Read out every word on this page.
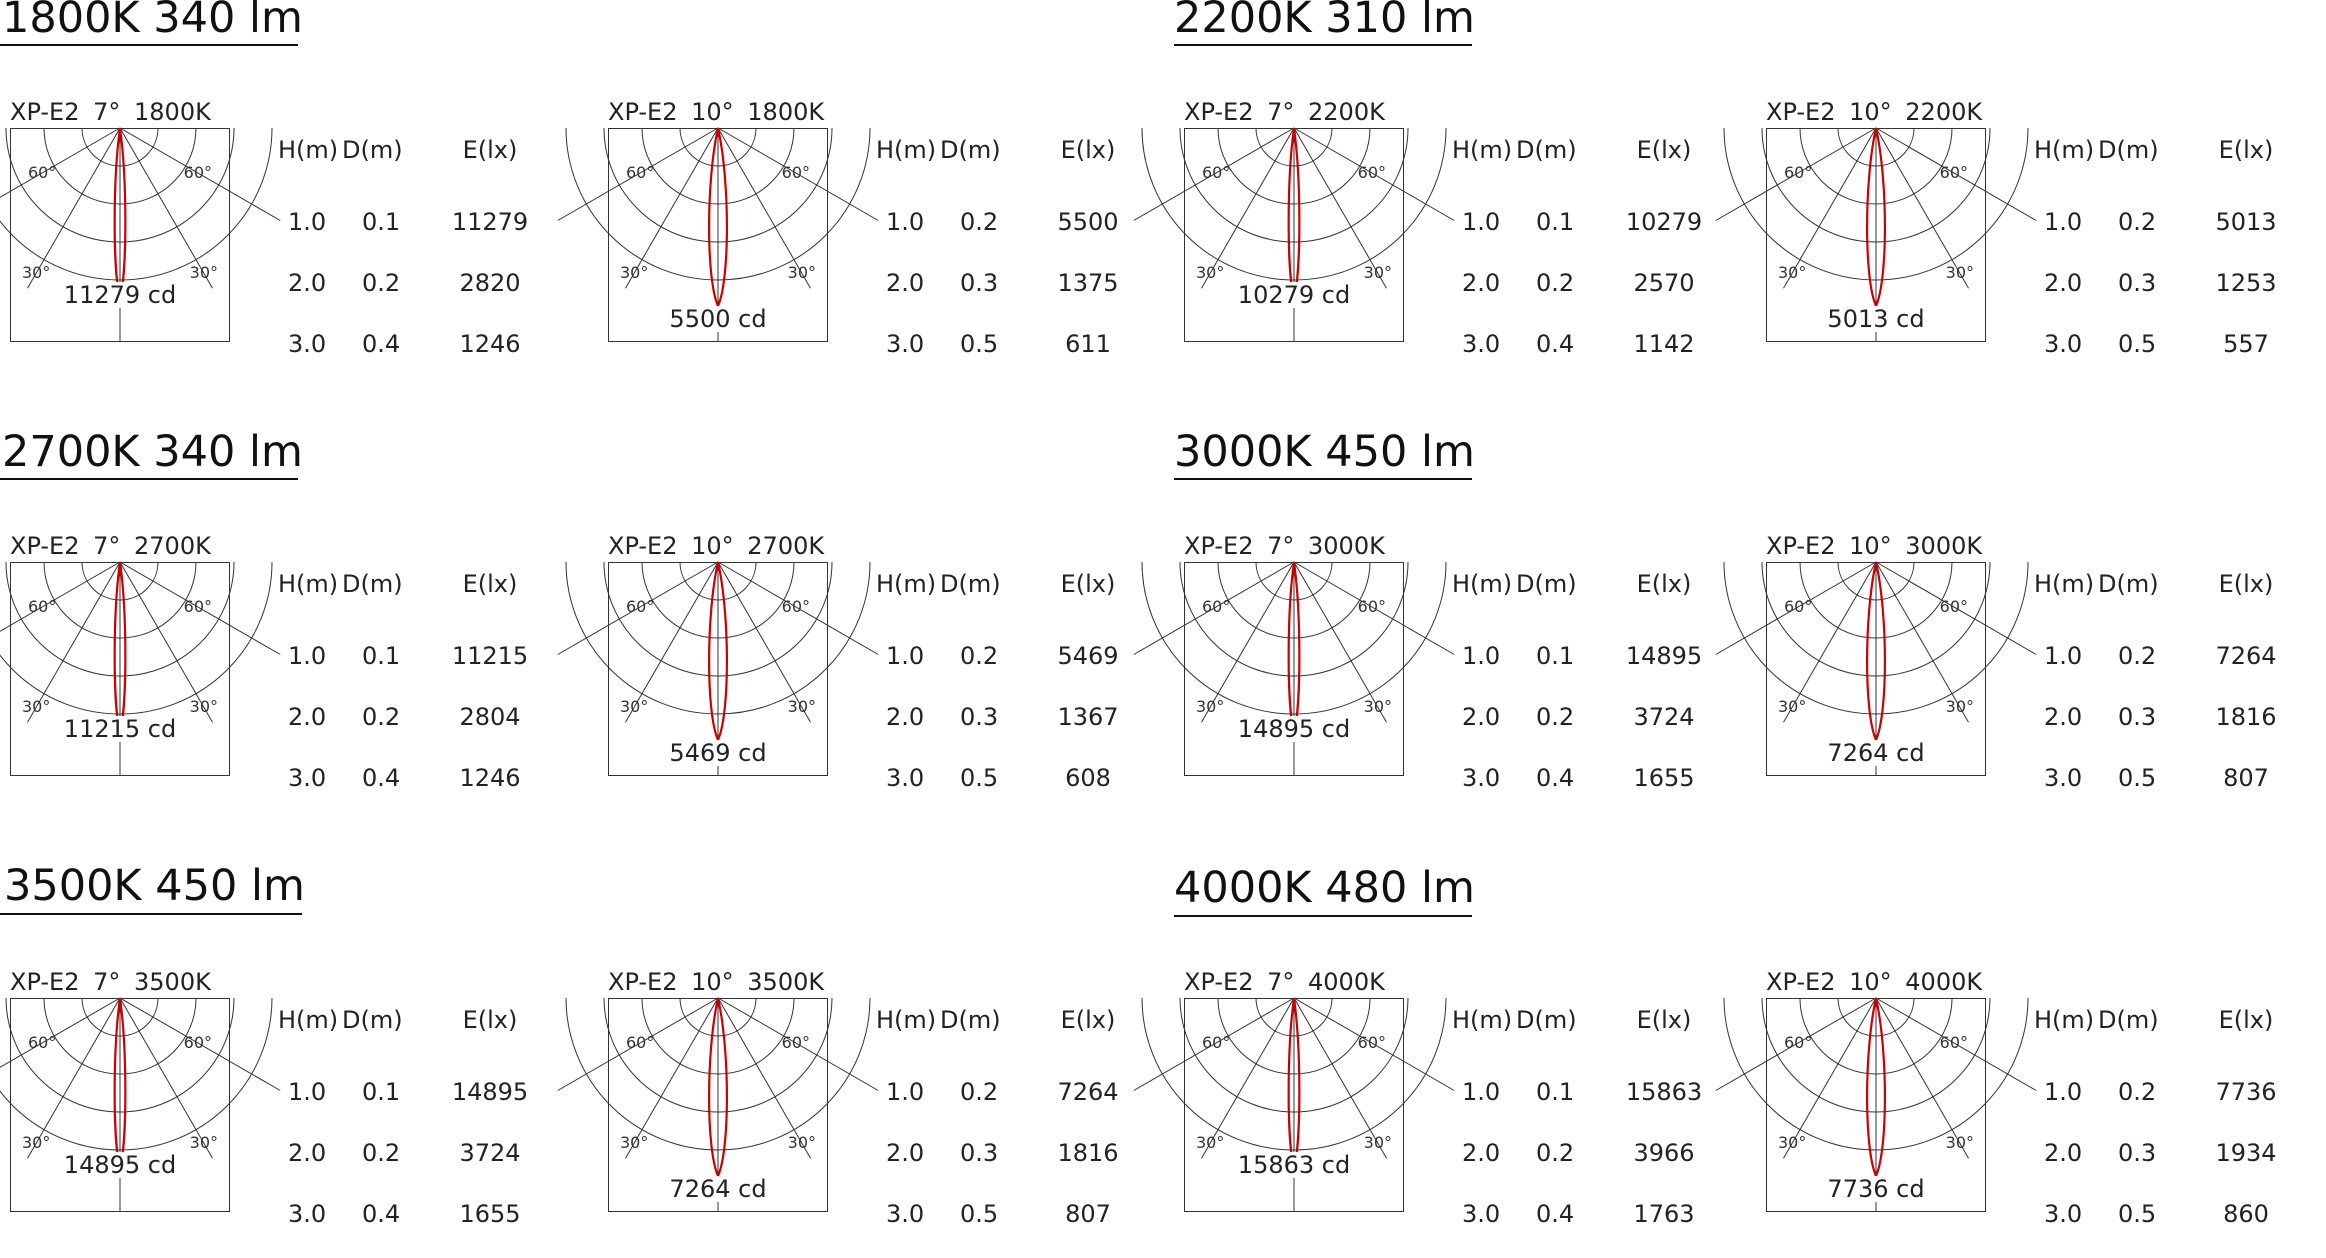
1800K 340 lm	2200K 310 lm
2700K 340 lm	3000K 450 lm
3500K 450 lm	4000K 480 lm
XP-E2 7° 1800K
60°	60°
30°	30°
11279 cd
H(m) D(m)	E(lx)
1.0 0.1 11279
2.0 0.2	2820
3.0 0.4	1246
XP-E2 10° 1800K
60°	60°
30°	30°
5500 cd
H(m) D(m)	E(lx)
1.0 0.2	5500
2.0 0.3	1375
3.0 0.5	611
XP-E2 7° 2200K
60°	60°
30°	30°
10279 cd
H(m) D(m)	E(lx)
1.0 0.1 10279
2.0 0.2	2570
3.0 0.4	1142
XP-E2 10° 2200K
60°	60°
30°	30°
5013 cd
H(m) D(m)	E(lx)
1.0 0.2	5013
2.0 0.3	1253
3.0 0.5	557
XP-E2 7° 2700K
60°	60°
30°	30°
11215 cd
H(m) D(m)	E(lx)
1.0 0.1 11215
2.0 0.2	2804
3.0 0.4	1246
XP-E2 10° 2700K
60°	60°
30°	30°
5469 cd
H(m) D(m)	E(lx)
1.0 0.2	5469
2.0 0.3	1367
3.0 0.5	608
XP-E2 7° 3000K
60°	60°
30°	30°
14895 cd
H(m) D(m)	E(lx)
1.0 0.1 14895
2.0 0.2	3724
3.0 0.4	1655
XP-E2 10° 3000K
60°	60°
30°	30°
7264 cd
H(m) D(m)	E(lx)
1.0 0.2	7264
2.0 0.3	1816
3.0 0.5	807
XP-E2 7° 3500K
60°	60°
30°	30°
14895 cd
H(m) D(m)	E(lx)
1.0 0.1 14895
2.0 0.2	3724
3.0 0.4	1655
XP-E2 10° 3500K
60°	60°
30°	30°
7264 cd
H(m) D(m)	E(lx)
1.0 0.2	7264
2.0 0.3	1816
3.0 0.5	807
XP-E2 7° 4000K
60°	60°
30°	30°
15863 cd
H(m) D(m)	E(lx)
1.0 0.1 15863
2.0 0.2	3966
3.0 0.4	1763
XP-E2 10° 4000K
60°	60°
30°	30°
7736 cd
H(m) D(m)	E(lx)
1.0 0.2	7736
2.0 0.3	1934
3.0 0.5	860
